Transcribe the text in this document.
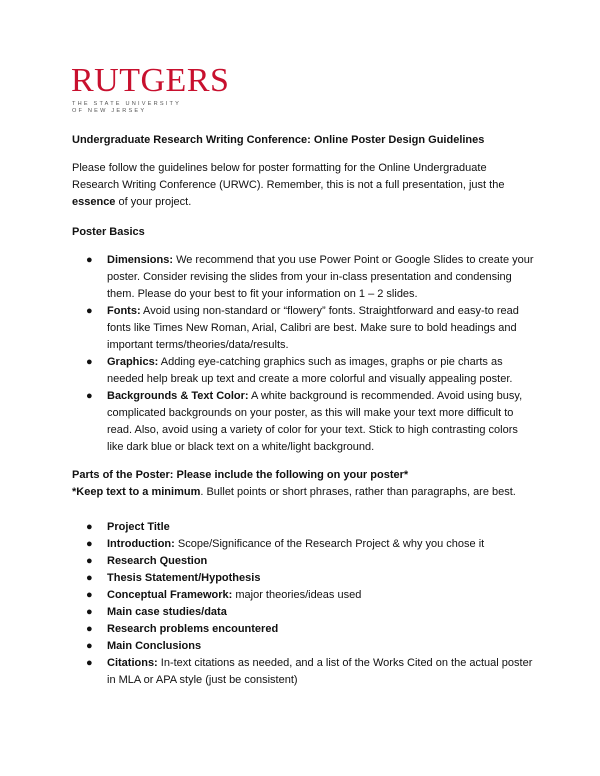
RUTGERS
THE STATE UNIVERSITY
OF NEW JERSEY

Undergraduate Research Writing Conference: Online Poster Design Guidelines

Please follow the guidelines below for poster formatting for the Online Undergraduate Research Writing Conference (URWC). Remember, this is not a full presentation, just the essence of your project.

Poster Basics

● Dimensions: We recommend that you use Power Point or Google Slides to create your poster. Consider revising the slides from your in-class presentation and condensing them. Please do your best to fit your information on 1 – 2 slides.
● Fonts: Avoid using non-standard or “flowery” fonts. Straightforward and easy-to read fonts like Times New Roman, Arial, Calibri are best. Make sure to bold headings and important terms/theories/data/results.
● Graphics: Adding eye-catching graphics such as images, graphs or pie charts as needed help break up text and create a more colorful and visually appealing poster.
● Backgrounds & Text Color: A white background is recommended. Avoid using busy, complicated backgrounds on your poster, as this will make your text more difficult to read. Also, avoid using a variety of color for your text. Stick to high contrasting colors like dark blue or black text on a white/light background.

Parts of the Poster: Please include the following on your poster*

*Keep text to a minimum. Bullet points or short phrases, rather than paragraphs, are best.

● Project Title
● Introduction: Scope/Significance of the Research Project & why you chose it
● Research Question
● Thesis Statement/Hypothesis
● Conceptual Framework: major theories/ideas used
● Main case studies/data
● Research problems encountered
● Main Conclusions
● Citations: In-text citations as needed, and a list of the Works Cited on the actual poster in MLA or APA style (just be consistent)
